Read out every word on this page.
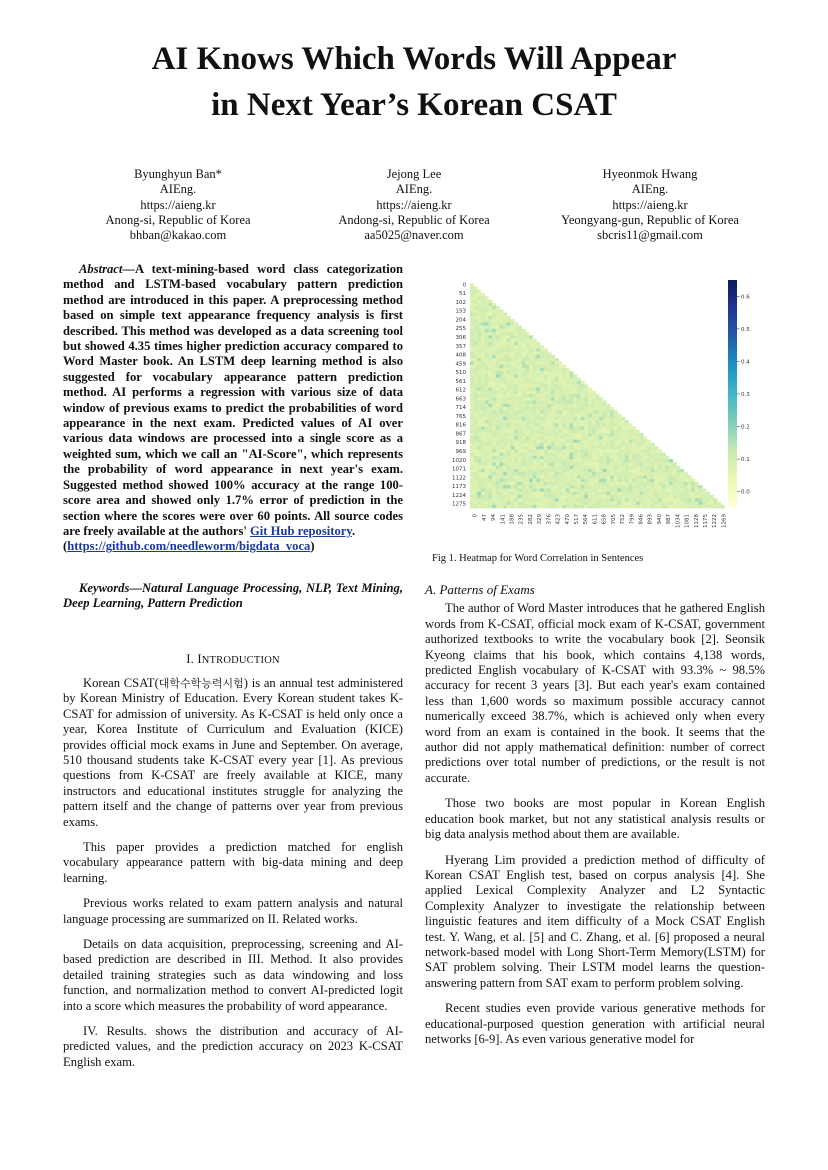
AI Knows Which Words Will Appear
in Next Year’s Korean CSAT
Byunghyun Ban*
AIEng.
https://aieng.kr
Anong-si, Republic of Korea
bhban@kakao.com
Jejong Lee
AIEng.
https://aieng.kr
Andong-si, Republic of Korea
aa5025@naver.com
Hyeonmok Hwang
AIEng.
https://aieng.kr
Yeongyang-gun, Republic of Korea
sbcris11@gmail.com

Abstract—A text-mining-based word class categorization method and LSTM-based vocabulary pattern prediction method are introduced in this paper. A preprocessing method based on simple text appearance frequency analysis is first described. This method was developed as a data screening tool but showed 4.35 times higher prediction accuracy compared to Word Master book. An LSTM deep learning method is also suggested for vocabulary appearance pattern prediction method. AI performs a regression with various size of data window of previous exams to predict the probabilities of word appearance in the next exam. Predicted values of AI over various data windows are processed into a single score as a weighted sum, which we call an "AI-Score", which represents the probability of word appearance in next year's exam. Suggested method showed 100% accuracy at the range 100-score area and showed only 1.7% error of prediction in the section where the scores were over 60 points. All source codes are freely available at the authors' Git Hub repository.
(https://github.com/needleworm/bigdata_voca)

Keywords—Natural Language Processing, NLP, Text Mining, Deep Learning, Pattern Prediction

I. INTRODUCTION

Korean CSAT(대학수학능력시험) is an annual test administered by Korean Ministry of Education. Every Korean student takes K-CSAT for admission of university. As K-CSAT is held only once a year, Korea Institute of Curriculum and Evaluation (KICE) provides official mock exams in June and September. On average, 510 thousand students take K-CSAT every year [1]. As previous questions from K-CSAT are freely available at KICE, many instructors and educational institutes struggle for analyzing the pattern itself and the change of patterns over year from previous exams.

This paper provides a prediction matched for english vocabulary appearance pattern with big-data mining and deep learning.

Previous works related to exam pattern analysis and natural language processing are summarized on II. Related works.

Details on data acquisition, preprocessing, screening and AI-based prediction are described in III. Method. It also provides detailed training strategies such as data windowing and loss function, and normalization method to convert AI-predicted logit into a score which measures the probability of word appearance.

IV. Results. shows the distribution and accuracy of AI-predicted values, and the prediction accuracy on 2023 K-CSAT English exam.

0
51
102
153
204
255
306
357
408
459
510
561
612
663
714
765
816
867
918
969
1020
1071
1122
1173
1224
1275
0 47 94 141 188 235 282 329 376 423 470 517 564 611 658 705 752 799 846 893 940 987 1034 1081 1128 1175 1222 1269
0.6
0.5
0.4
0.3
0.2
0.1
0.0
Fig 1. Heatmap for Word Correlation in Sentences
A. Patterns of Exams

The author of Word Master introduces that he gathered English words from K-CSAT, official mock exam of K-CSAT, government authorized textbooks to write the vocabulary book [2]. Seonsik Kyeong claims that his book, which contains 4,138 words, predicted English vocabulary of K-CSAT with 93.3% ~ 98.5% accuracy for recent 3 years [3]. But each year's exam contained less than 1,600 words so maximum possible accuracy cannot numerically exceed 38.7%, which is achieved only when every word from an exam is contained in the book. It seems that the author did not apply mathematical definition: number of correct predictions over total number of predictions, or the result is not accurate.

Those two books are most popular in Korean English education book market, but not any statistical analysis results or big data analysis method about them are available.

Hyerang Lim provided a prediction method of difficulty of Korean CSAT English test, based on corpus analysis [4]. She applied Lexical Complexity Analyzer and L2 Syntactic Complexity Analyzer to investigate the relationship between linguistic features and item difficulty of a Mock CSAT English test. Y. Wang, et al. [5] and C. Zhang, et al. [6] proposed a neural network-based model with Long Short-Term Memory(LSTM) for SAT problem solving. Their LSTM model learns the question-answering pattern from SAT exam to perform problem solving.

Recent studies even provide various generative methods for educational-purposed question generation with artificial neural networks [6-9]. As even various generative model for
